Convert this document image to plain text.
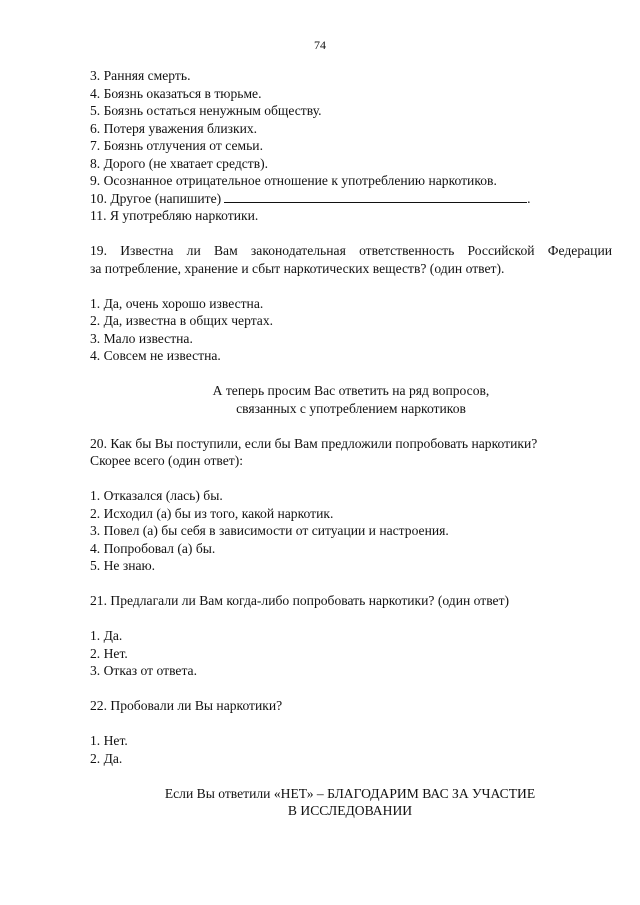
74
3. Ранняя смерть.
4. Боязнь оказаться в тюрьме.
5. Боязнь остаться ненужным обществу.
6. Потеря уважения близких.
7. Боязнь отлучения от семьи.
8. Дорого (не хватает средств).
9. Осознанное отрицательное отношение к употреблению наркотиков.
10. Другое (напишите)	.
11. Я употребляю наркотики.
19. Известна ли Вам законодательная ответственность Российской Федерации
за потребление, хранение и сбыт наркотических веществ? (один ответ).
1. Да, очень хорошо известна.
2. Да, известна в общих чертах.
3. Мало известна.
4. Совсем не известна.
А теперь просим Вас ответить на ряд вопросов,
связанных с употреблением наркотиков
20. Как бы Вы поступили, если бы Вам предложили попробовать наркотики?
Скорее всего (один ответ):
1. Отказался (лась) бы.
2. Исходил (а) бы из того, какой наркотик.
3. Повел (а) бы себя в зависимости от ситуации и настроения.
4. Попробовал (а) бы.
5. Не знаю.
21. Предлагали ли Вам когда-либо попробовать наркотики? (один ответ)
1. Да.
2. Нет.
3. Отказ от ответа.
22. Пробовали ли Вы наркотики?
1. Нет.
2. Да.
Если Вы ответили «НЕТ» – БЛАГОДАРИМ ВАС ЗА УЧАСТИЕ
В ИССЛЕДОВАНИИ
